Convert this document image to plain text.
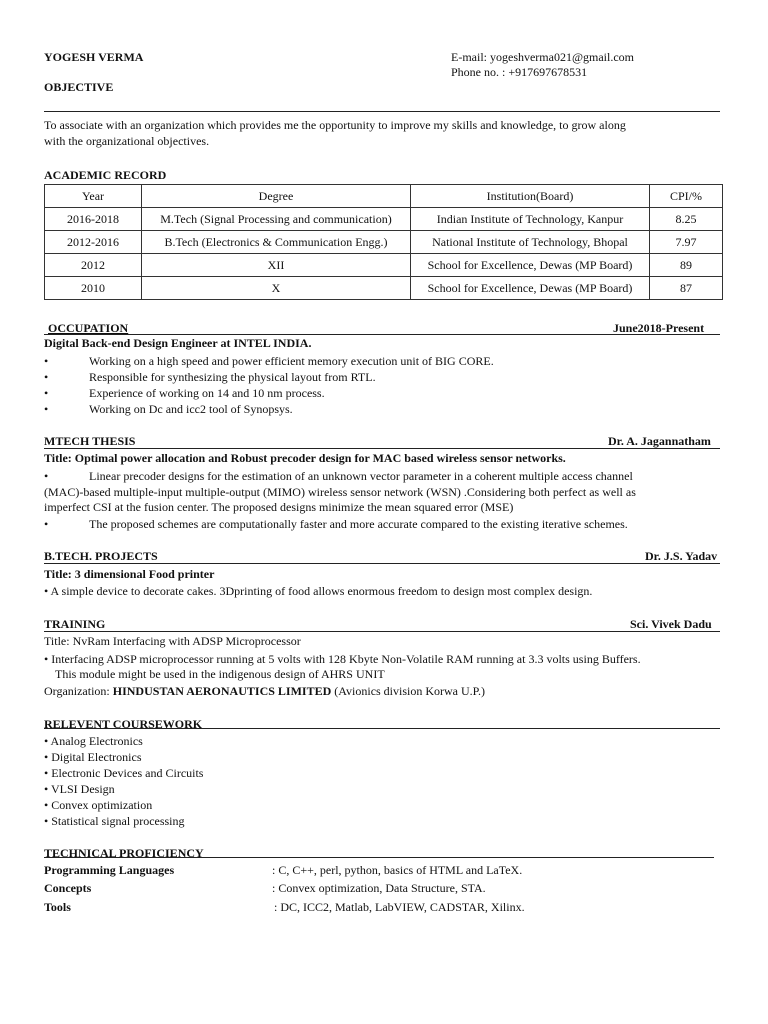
YOGESH VERMA	E-mail: yogeshverma021@gmail.com
Phone no. : +917697678531
OBJECTIVE
To associate with an organization which provides me the opportunity to improve my skills and knowledge, to grow along
with the organizational objectives.
ACADEMIC RECORD
Year	Degree	Institution(Board)	CPI/%
2016-2018	M.Tech (Signal Processing and communication)	Indian Institute of Technology, Kanpur	8.25
2012-2016	B.Tech (Electronics & Communication Engg.)	National Institute of Technology, Bhopal	7.97
2012	XII	School for Excellence, Dewas (MP Board)	89
2010	X	School for Excellence, Dewas (MP Board)	87
OCCUPATION	June2018-Present
Digital Back-end Design Engineer at INTEL INDIA.
•	Working on a high speed and power efficient memory execution unit of BIG CORE.
•	Responsible for synthesizing the physical layout from RTL.
•	Experience of working on 14 and 10 nm process.
•	Working on Dc and icc2 tool of Synopsys.
MTECH THESIS	Dr. A. Jagannatham
Title: Optimal power allocation and Robust precoder design for MAC based wireless sensor networks.
•	Linear precoder designs for the estimation of an unknown vector parameter in a coherent multiple access channel
(MAC)-based multiple-input multiple-output (MIMO) wireless sensor network (WSN) .Considering both perfect as well as
imperfect CSI at the fusion center. The proposed designs minimize the mean squared error (MSE)
•	The proposed schemes are computationally faster and more accurate compared to the existing iterative schemes.
B.TECH. PROJECTS	Dr. J.S. Yadav
Title: 3 dimensional Food printer
• A simple device to decorate cakes. 3Dprinting of food allows enormous freedom to design most complex design.
TRAINING	Sci. Vivek Dadu
Title: NvRam Interfacing with ADSP Microprocessor
• Interfacing ADSP microprocessor running at 5 volts with 128 Kbyte Non-Volatile RAM running at 3.3 volts using Buffers.
This module might be used in the indigenous design of AHRS UNIT
Organization: HINDUSTAN AERONAUTICS LIMITED (Avionics division Korwa U.P.)
RELEVENT COURSEWORK
• Analog Electronics
• Digital Electronics
• Electronic Devices and Circuits
• VLSI Design
• Convex optimization
• Statistical signal processing
TECHNICAL PROFICIENCY
Programming Languages	: C, C++, perl, python, basics of HTML and LaTeX.
Concepts	: Convex optimization, Data Structure, STA.
Tools	: DC, ICC2, Matlab, LabVIEW, CADSTAR, Xilinx.
